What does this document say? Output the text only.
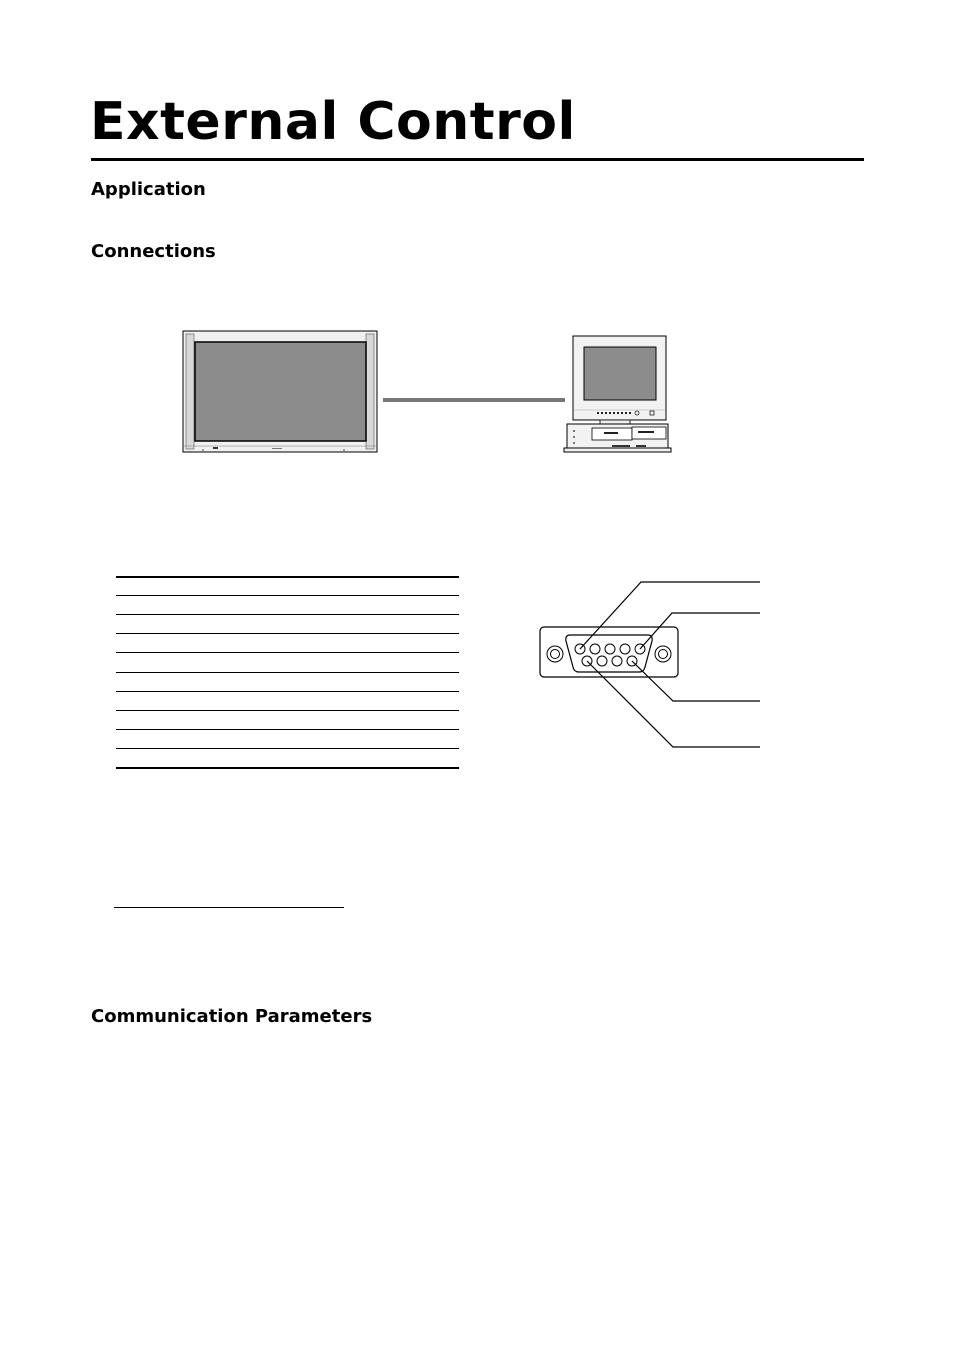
External Control
Application
Connections
Communication Parameters
